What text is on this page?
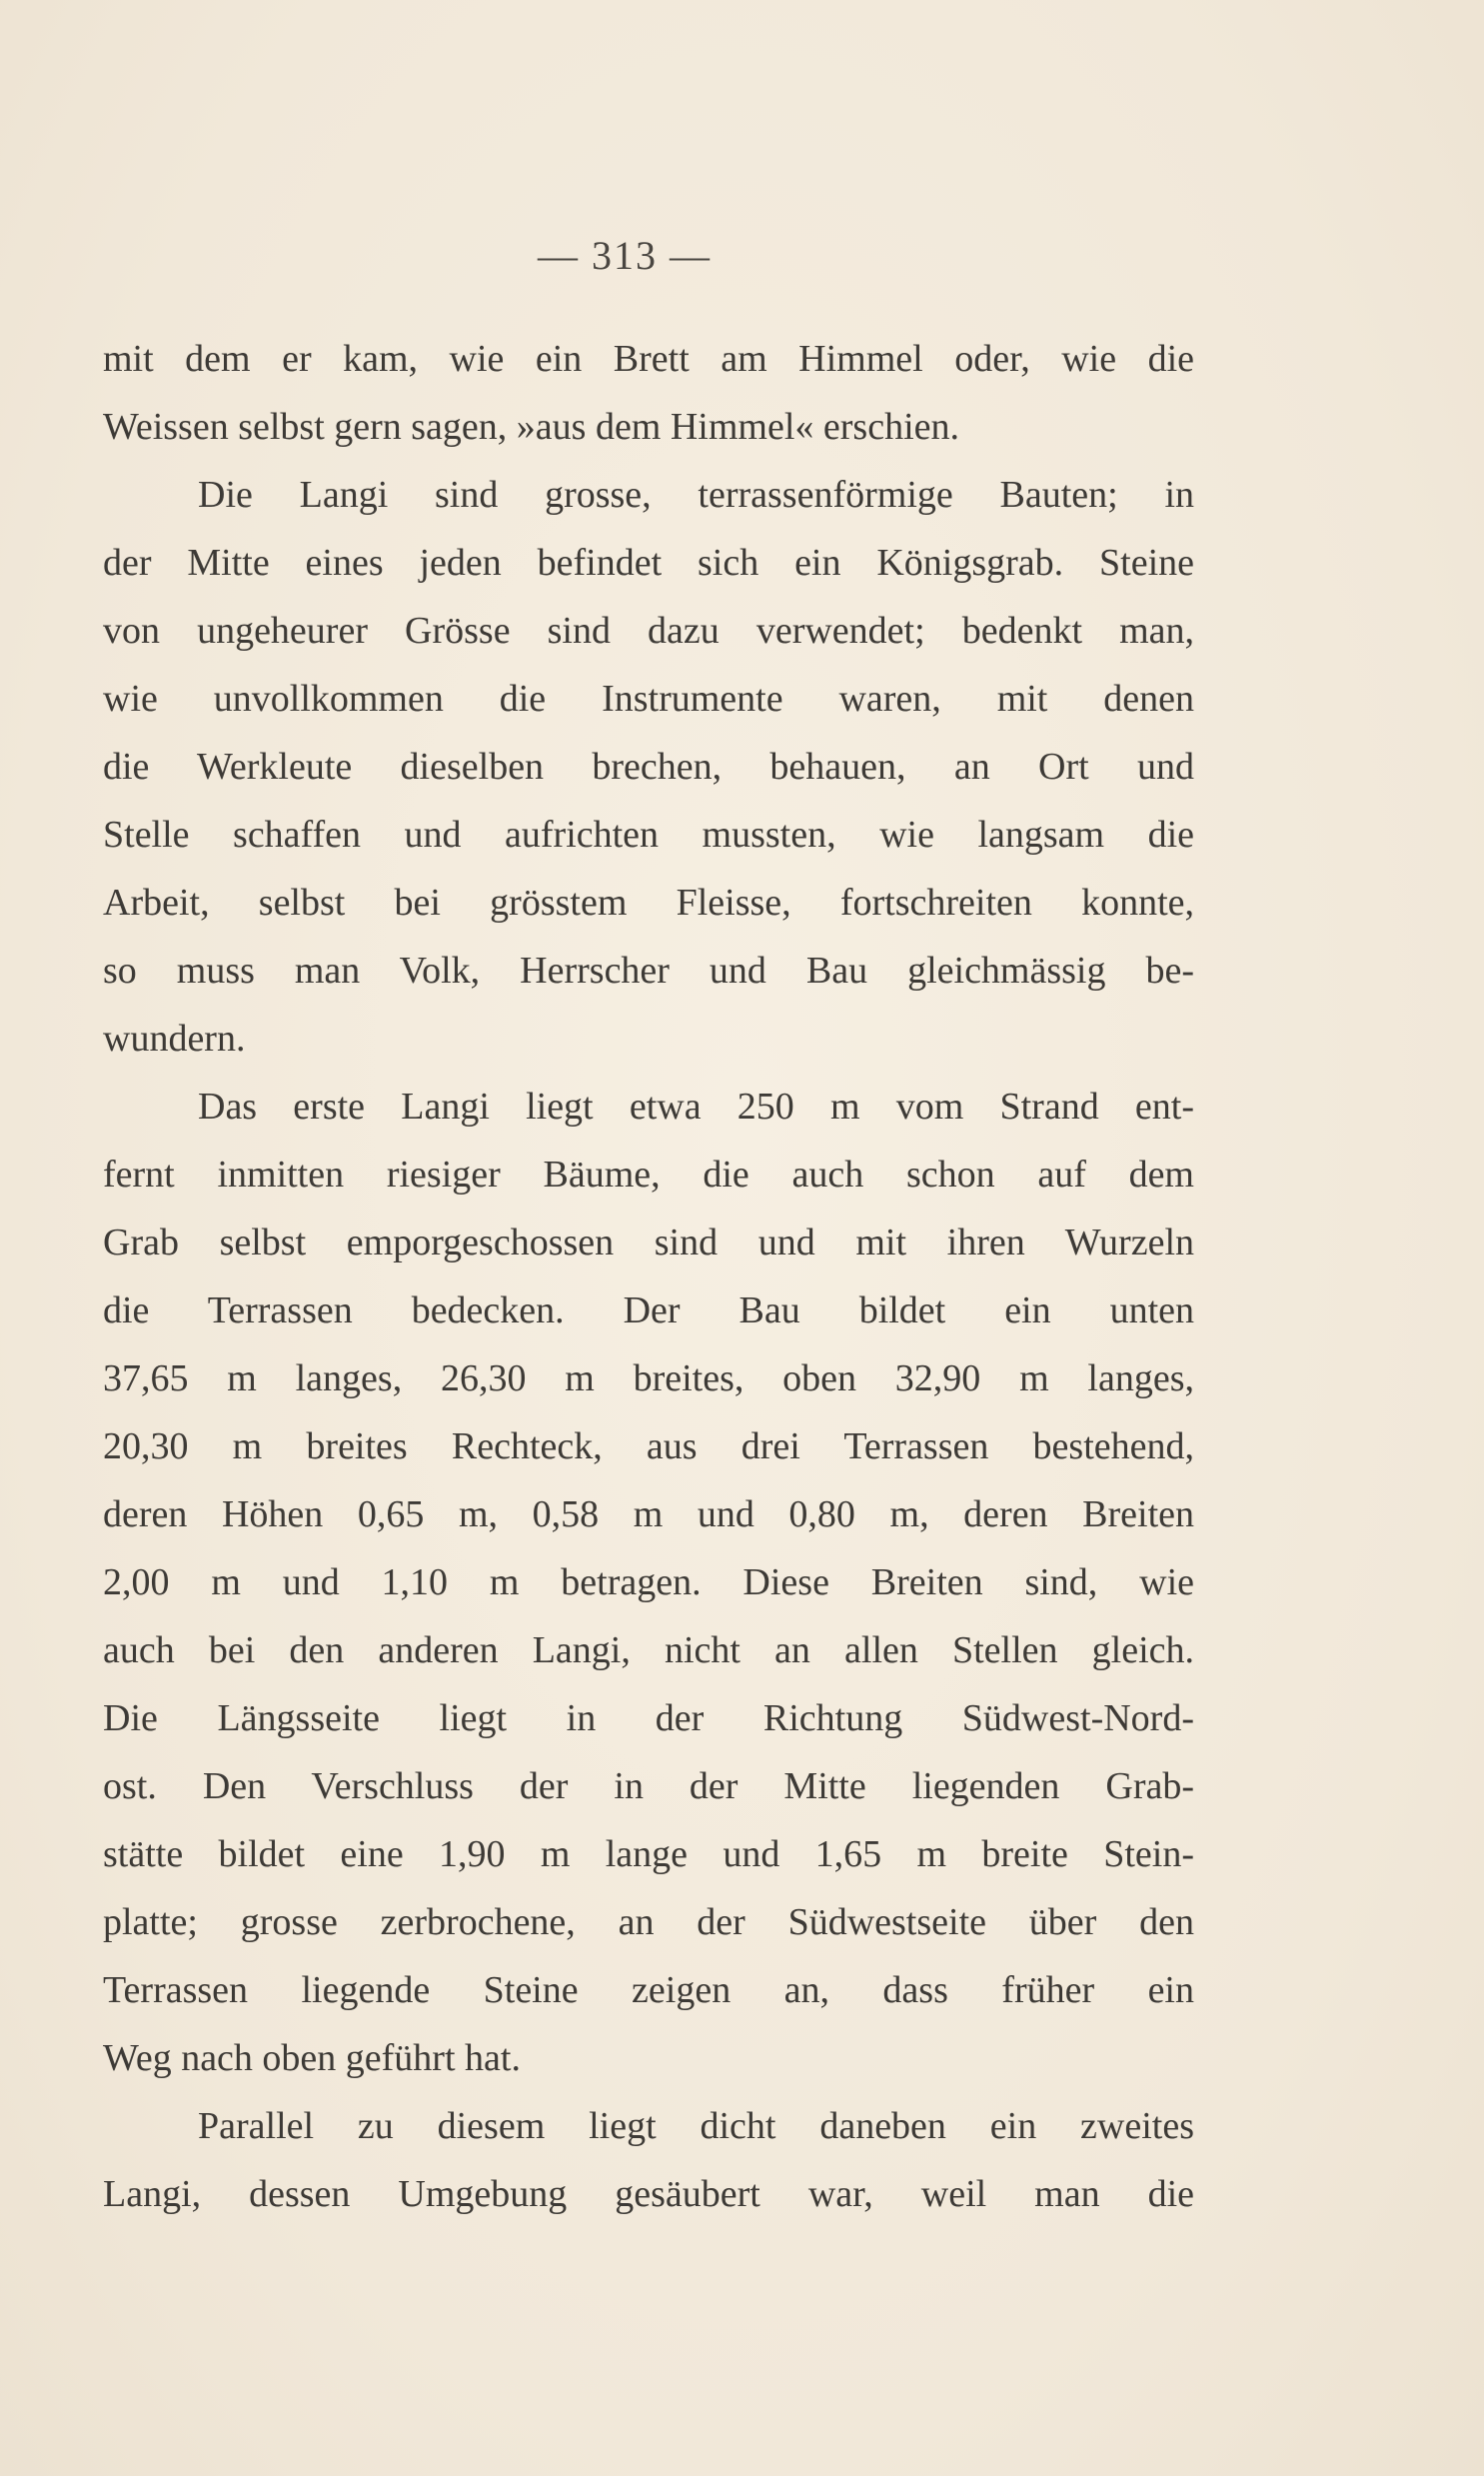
— 313 —
mit dem er kam, wie ein Brett am Himmel oder, wie die
Weissen selbst gern sagen, »aus dem Himmel« erschien.
Die Langi sind grosse, terrassenförmige Bauten; in
der Mitte eines jeden befindet sich ein Königsgrab. Steine
von ungeheurer Grösse sind dazu verwendet; bedenkt man,
wie unvollkommen die Instrumente waren, mit denen
die Werkleute dieselben brechen, behauen, an Ort und
Stelle schaffen und aufrichten mussten, wie langsam die
Arbeit, selbst bei grösstem Fleisse, fortschreiten konnte,
so muss man Volk, Herrscher und Bau gleichmässig be-
wundern.
Das erste Langi liegt etwa 250 m vom Strand ent-
fernt inmitten riesiger Bäume, die auch schon auf dem
Grab selbst emporgeschossen sind und mit ihren Wurzeln
die Terrassen bedecken. Der Bau bildet ein unten
37,65 m langes, 26,30 m breites, oben 32,90 m langes,
20,30 m breites Rechteck, aus drei Terrassen bestehend,
deren Höhen 0,65 m, 0,58 m und 0,80 m, deren Breiten
2,00 m und 1,10 m betragen. Diese Breiten sind, wie
auch bei den anderen Langi, nicht an allen Stellen gleich.
Die Längsseite liegt in der Richtung Südwest-Nord-
ost. Den Verschluss der in der Mitte liegenden Grab-
stätte bildet eine 1,90 m lange und 1,65 m breite Stein-
platte; grosse zerbrochene, an der Südwestseite über den
Terrassen liegende Steine zeigen an, dass früher ein
Weg nach oben geführt hat.
Parallel zu diesem liegt dicht daneben ein zweites
Langi, dessen Umgebung gesäubert war, weil man die
